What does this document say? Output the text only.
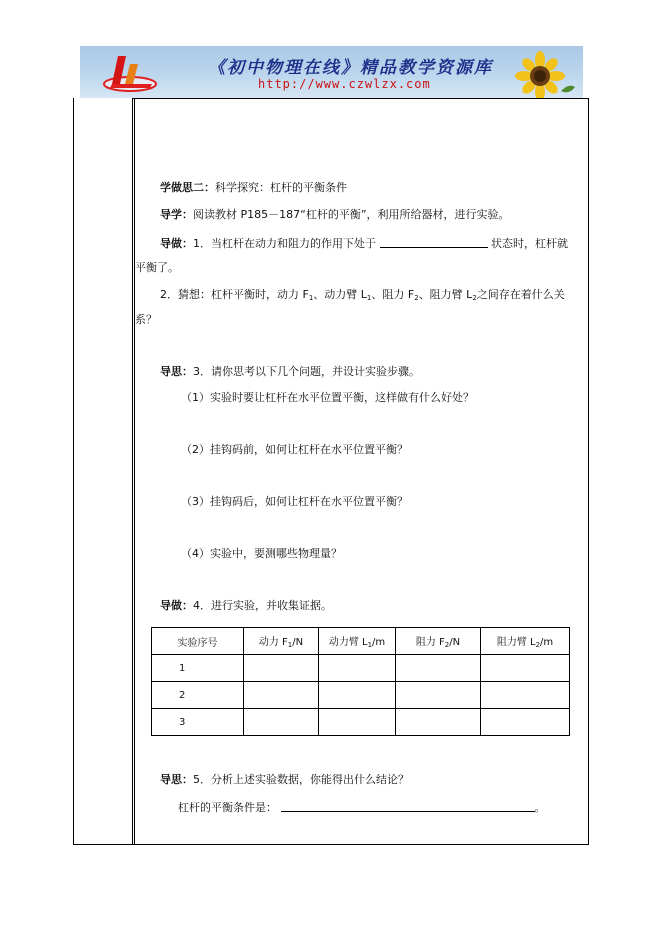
《初中物理在线》精品教学资源库
http://www.czwlzx.com
学做思二：科学探究：杠杆的平衡条件
导学：阅读教材 P185－187“杠杆的平衡”，利用所给器材，进行实验。
导做：1．当杠杆在动力和阻力的作用下处于	状态时，杠杆就
平衡了。
2．猜想：杠杆平衡时，动力 $F_1$、动力臂 $L_1$、阻力 $F_2$、阻力臂 $L_2$之间存在着什么关
系？
导思：3．请你思考以下几个问题，并设计实验步骤。
（1）实验时要让杠杆在水平位置平衡，这样做有什么好处？
（2）挂钩码前，如何让杠杆在水平位置平衡？
（3）挂钩码后，如何让杠杆在水平位置平衡？
（4）实验中，要测哪些物理量？
导做：4．进行实验，并收集证据。
实验序号	动力 $F_1/N$	动力臂 $L_1/m$	阻力 $F_2/N$	阻力臂 $L_2/m$
1				
2				
3				
导思：5．分析上述实验数据，你能得出什么结论？
杠杆的平衡条件是：	。
